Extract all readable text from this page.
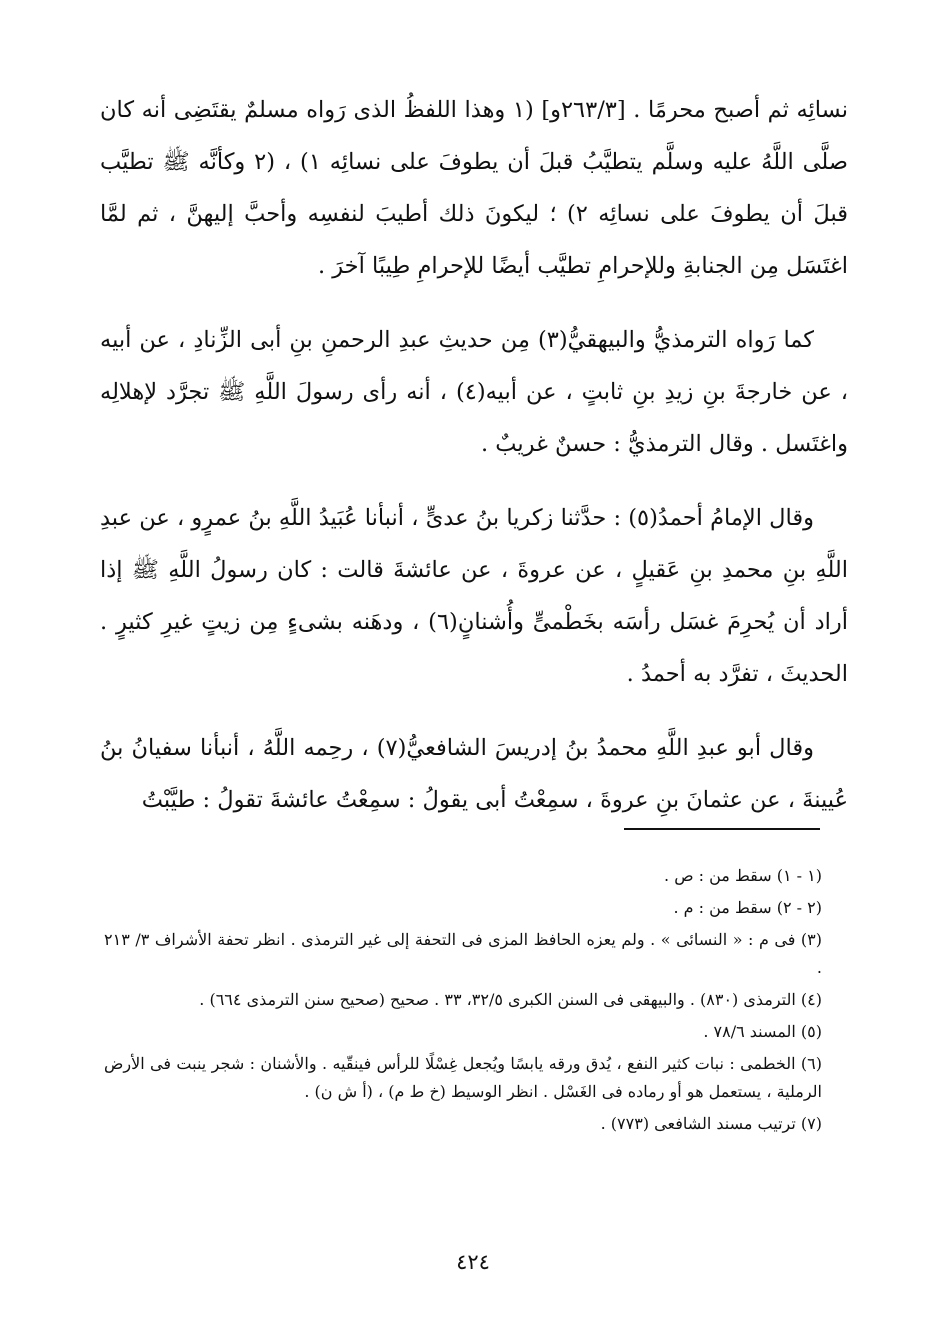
نسائِه ثم أصبح محرمًا . [٢٦٣/٣و] (١ وهذا اللفظُ الذى رَواه مسلمٌ يقتَضِى أنه كان صلَّى اللَّهُ عليه وسلَّم يتطيَّبُ قبلَ أن يطوفَ على نسائِه ١) ، (٢ وكأنَّه ﷺ تطيَّب قبلَ أن يطوفَ على نسائِه ٢) ؛ ليكونَ ذلك أطيبَ لنفسِه وأحبَّ إليهنَّ ، ثم لمَّا اغتَسَل مِن الجنابةِ وللإحرامِ تطيَّب أيضًا للإحرامِ طِيبًا آخرَ .

كما رَواه الترمذيُّ والبيهقيُّ(٣) مِن حديثِ عبدِ الرحمنِ بنِ أبى الزِّنادِ ، عن أبيه ، عن خارجةَ بنِ زيدِ بنِ ثابتٍ ، عن أبيه(٤) ، أنه رأى رسولَ اللَّهِ ﷺ تجرَّد لإهلالِه واغتَسل . وقال الترمذيُّ : حسنٌ غريبٌ .

وقال الإمامُ أحمدُ(٥) : حدَّثنا زكريا بنُ عدىٍّ ، أنبأنا عُبَيدُ اللَّهِ بنُ عمرٍو ، عن عبدِ اللَّهِ بنِ محمدِ بنِ عَقيلٍ ، عن عروةَ ، عن عائشةَ قالت : كان رسولُ اللَّهِ ﷺ إذا أراد أن يُحرِمَ غسَل رأسَه بخَطْمىٍّ وأُشنانٍ(٦) ، ودهَنه بشىءٍ مِن زيتٍ غيرِ كثيرٍ . الحديثَ ، تفرَّد به أحمدُ .

وقال أبو عبدِ اللَّهِ محمدُ بنُ إدريسَ الشافعيُّ(٧) ، رحِمه اللَّهُ ، أنبأنا سفيانُ بنُ عُيينةَ ، عن عثمانَ بنِ عروةَ ، سمِعْتُ أبى يقولُ : سمِعْتُ عائشةَ تقولُ : طيَّبْتُ

(١ - ١) سقط من : ص .

(٢ - ٢) سقط من : م .

(٣) فى م : « النسائى » . ولم يعزه الحافظ المزى فى التحفة إلى غير الترمذى . انظر تحفة الأشراف ٣/ ٢١٣ .

(٤) الترمذى (٨٣٠) . والبيهقى فى السنن الكبرى ٣٢/٥، ٣٣ . صحيح (صحيح سنن الترمذى ٦٦٤) .

(٥) المسند ٧٨/٦ .

(٦) الخطمى : نبات كثير النفع ، يُدق ورقه يابسًا ويُجعل غِسْلًا للرأس فينقّيه . والأشنان : شجر ينبت فى الأرض الرملية ، يستعمل هو أو رماده فى الغَسْل . انظر الوسيط (خ ط م) ، (أ ش ن) .

(٧) ترتيب مسند الشافعى (٧٧٣) .

٤٢٤
